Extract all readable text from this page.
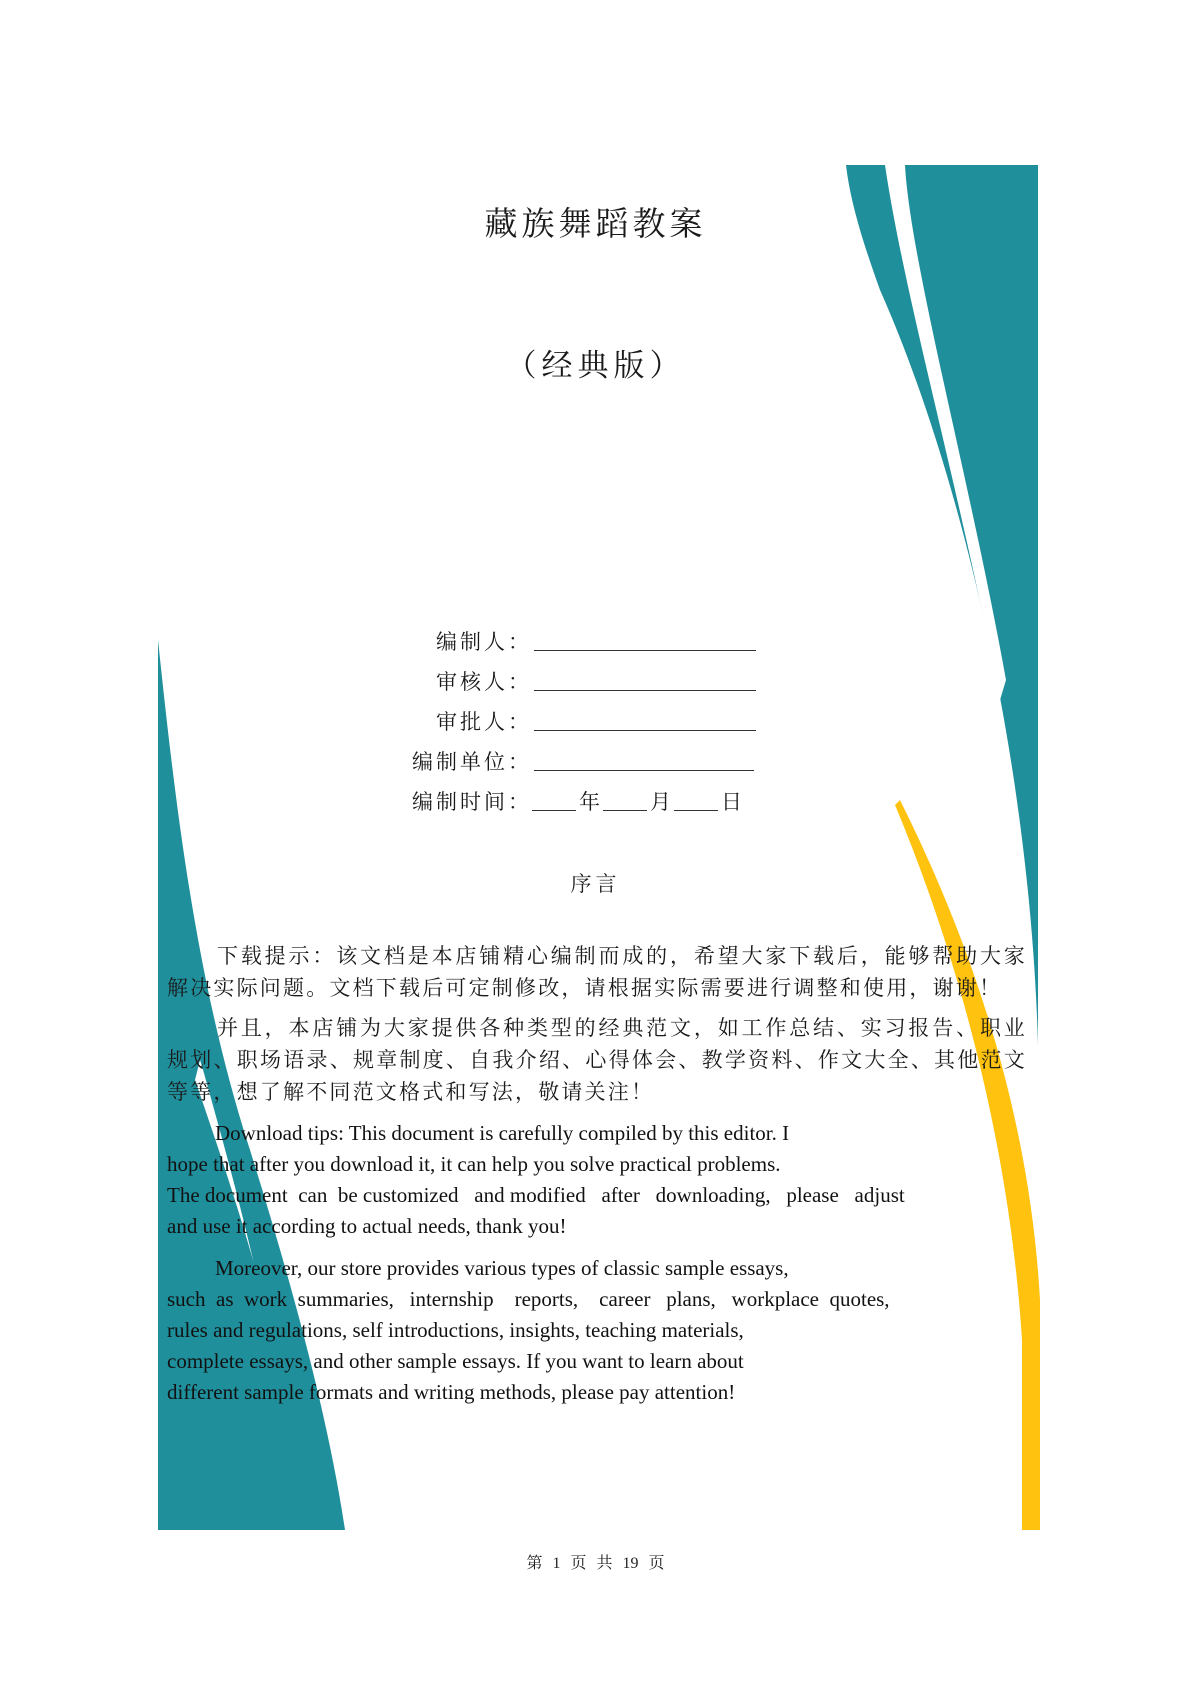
藏族舞蹈教案
（经典版）
编制人：
审核人：
审批人：
编制单位：
编制时间： 年 月 日
序言

下载提示：该文档是本店铺精心编制而成的，希望大家下载后，能够帮助大家解决实际问题。文档下载后可定制修改，请根据实际需要进行调整和使用，谢谢！

并且，本店铺为大家提供各种类型的经典范文，如工作总结、实习报告、职业规划、职场语录、规章制度、自我介绍、心得体会、教学资料、作文大全、其他范文等等，想了解不同范文格式和写法，敬请关注！

Download tips: This document is carefully compiled by this editor. I
hope that after you download it, it can help you solve practical problems.
The document  can  be customized   and modified   after   downloading,   please   adjust
and use it according to actual needs, thank you!
Moreover, our store provides various types of classic sample essays,
such  as  work  summaries,   internship    reports,    career   plans,   workplace  quotes,
rules and regulations, self introductions, insights, teaching materials,
complete essays, and other sample essays. If you want to learn about
different sample formats and writing methods, please pay attention!
第 1 页 共 19 页
